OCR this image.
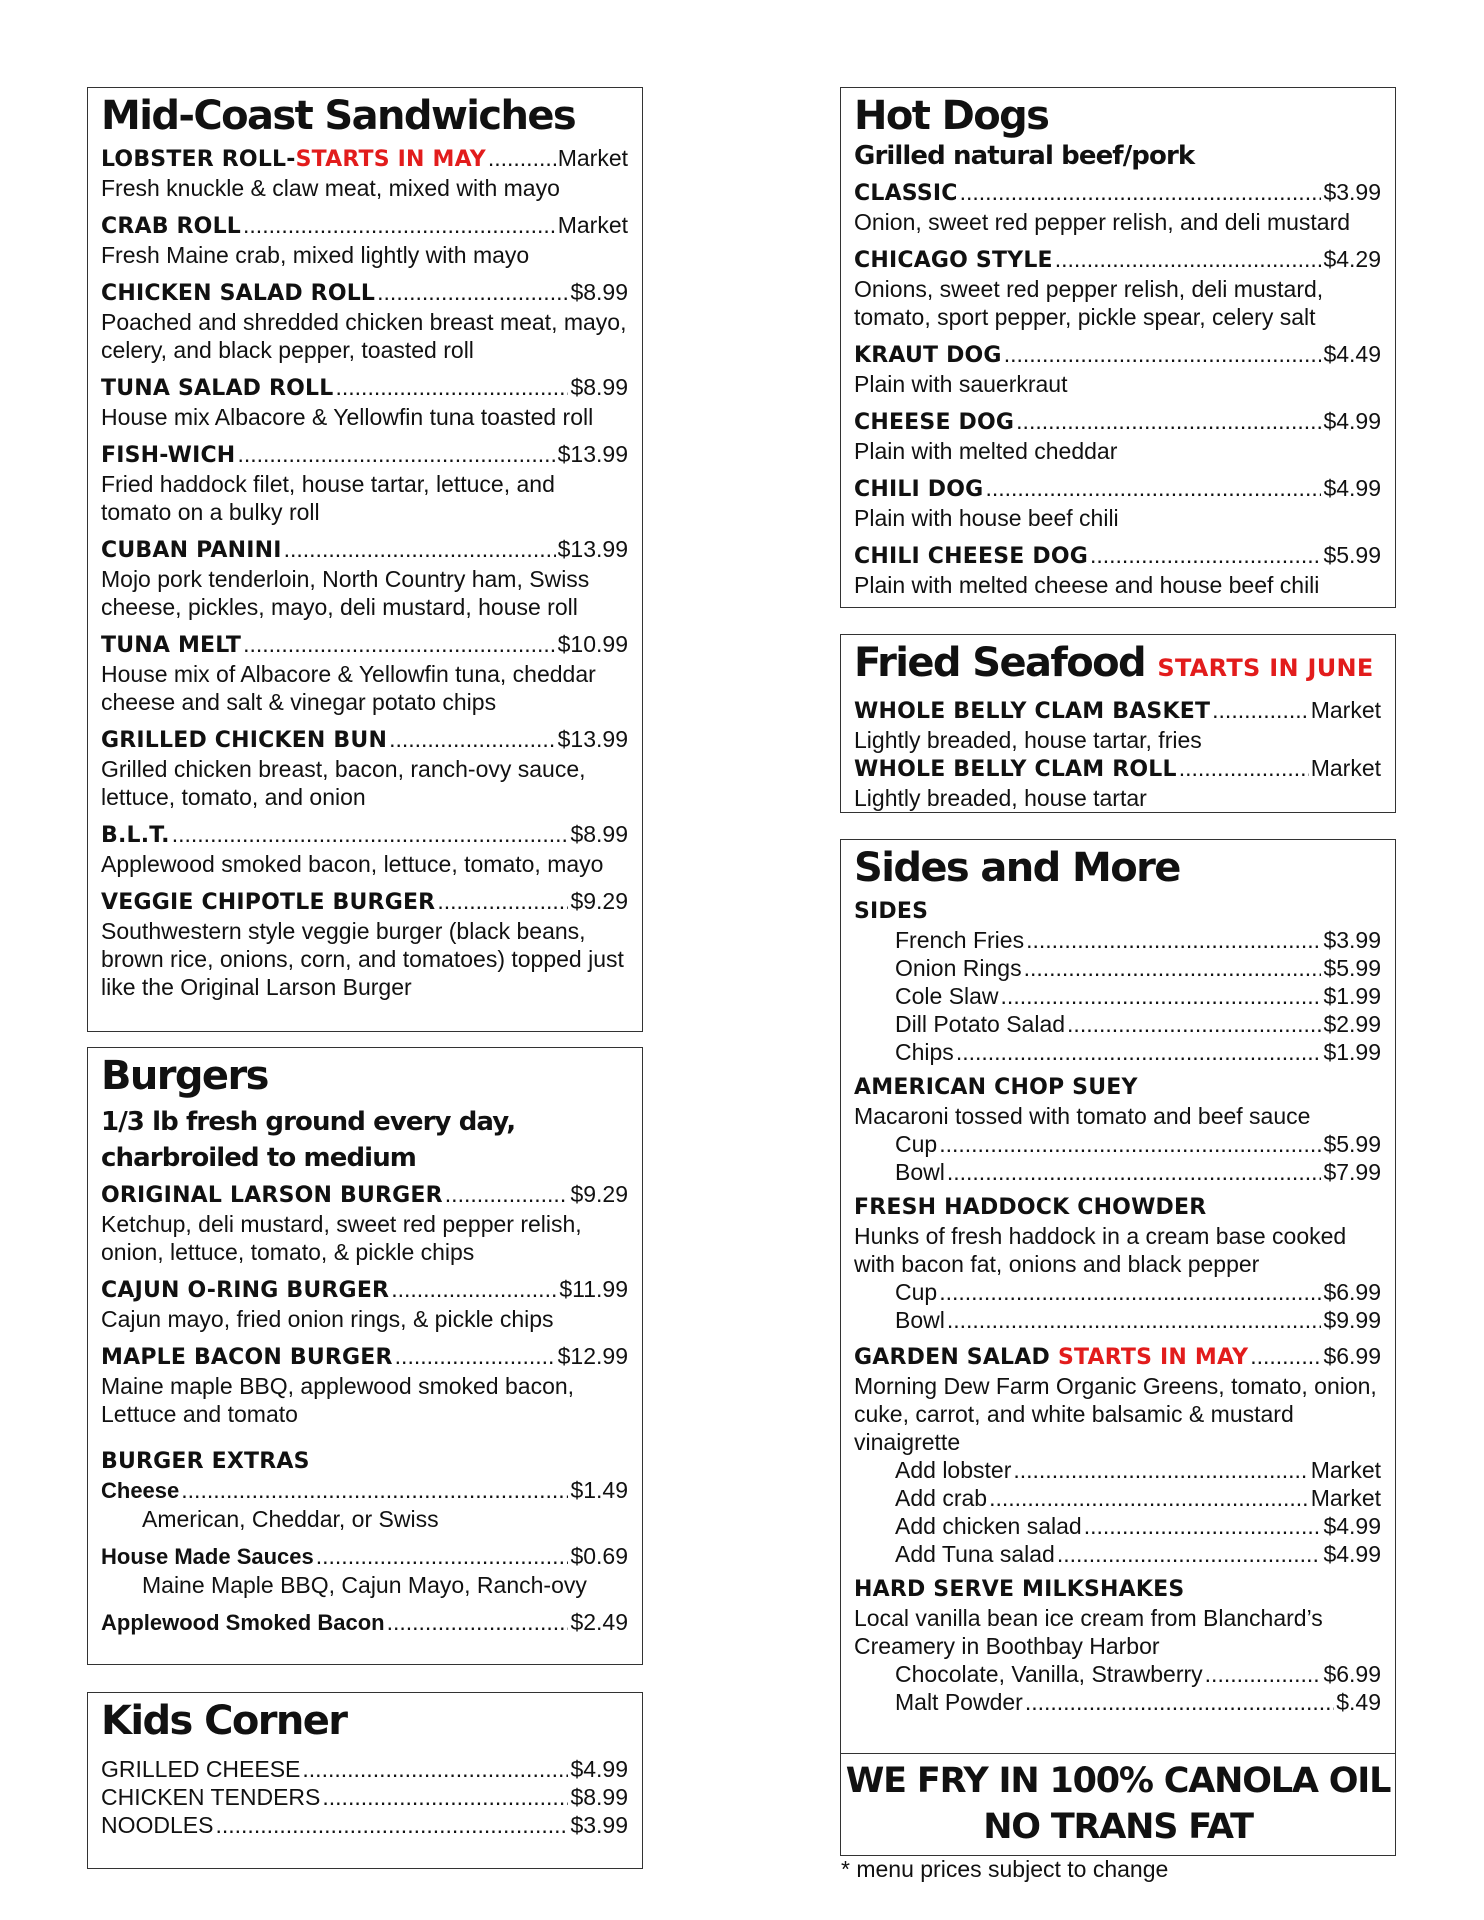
Mid-Coast Sandwiches
LOBSTER ROLL- STARTS IN MAY .....	Market
Fresh knuckle & claw meat, mixed with mayo
CRAB ROLL .....	Market
Fresh Maine crab, mixed lightly with mayo
CHICKEN SALAD ROLL .....	$8.99
Poached and shredded chicken breast meat, mayo, celery, and black pepper, toasted roll
TUNA SALAD ROLL .....	$8.99
House mix Albacore & Yellowfin tuna toasted roll
FISH-WICH .....	$13.99
Fried haddock filet, house tartar, lettuce, and tomato on a bulky roll
CUBAN PANINI .....	$13.99
Mojo pork tenderloin, North Country ham, Swiss cheese, pickles, mayo, deli mustard, house roll
TUNA MELT .....	$10.99
House mix of Albacore & Yellowfin tuna, cheddar cheese and salt & vinegar potato chips
GRILLED CHICKEN BUN .....	$13.99
Grilled chicken breast, bacon, ranch-ovy sauce, lettuce, tomato, and onion
B.L.T. .....	$8.99
Applewood smoked bacon, lettuce, tomato, mayo
VEGGIE CHIPOTLE BURGER .....	$9.29
Southwestern style veggie burger (black beans, brown rice, onions, corn, and tomatoes) topped just like the Original Larson Burger
Burgers
1/3 lb fresh ground every day, charbroiled to medium
ORIGINAL LARSON BURGER .....	$9.29
Ketchup, deli mustard, sweet red pepper relish, onion, lettuce, tomato, & pickle chips
CAJUN O-RING BURGER .....	$11.99
Cajun mayo, fried onion rings, & pickle chips
MAPLE BACON BURGER .....	$12.99
Maine maple BBQ, applewood smoked bacon, Lettuce and tomato
BURGER EXTRAS
Cheese .....	$1.49
American, Cheddar, or Swiss
House Made Sauces .....	$0.69
Maine Maple BBQ, Cajun Mayo, Ranch-ovy
Applewood Smoked Bacon .....	$2.49
Kids Corner
GRILLED CHEESE .....	$4.99
CHICKEN TENDERS .....	$8.99
NOODLES .....	$3.99
Hot Dogs
Grilled natural beef/pork
CLASSIC .....	$3.99
Onion, sweet red pepper relish, and deli mustard
CHICAGO STYLE .....	$4.29
Onions, sweet red pepper relish, deli mustard, tomato, sport pepper, pickle spear, celery salt
KRAUT DOG .....	$4.49
Plain with sauerkraut
CHEESE DOG .....	$4.99
Plain with melted cheddar
CHILI DOG .....	$4.99
Plain with house beef chili
CHILI CHEESE DOG .....	$5.99
Plain with melted cheese and house beef chili
Fried Seafood STARTS IN JUNE
WHOLE BELLY CLAM BASKET .....	Market
Lightly breaded, house tartar, fries
WHOLE BELLY CLAM ROLL .....	Market
Lightly breaded, house tartar
Sides and More
SIDES
French Fries .....	$3.99
Onion Rings .....	$5.99
Cole Slaw .....	$1.99
Dill Potato Salad .....	$2.99
Chips .....	$1.99
AMERICAN CHOP SUEY
Macaroni tossed with tomato and beef sauce
Cup .....	$5.99
Bowl .....	$7.99
FRESH HADDOCK CHOWDER
Hunks of fresh haddock in a cream base cooked with bacon fat, onions and black pepper
Cup .....	$6.99
Bowl .....	$9.99
GARDEN SALAD STARTS IN MAY .....	$6.99
Morning Dew Farm Organic Greens, tomato, onion, cuke, carrot, and white balsamic & mustard vinaigrette
Add lobster .....	Market
Add crab .....	Market
Add chicken salad .....	$4.99
Add Tuna salad .....	$4.99
HARD SERVE MILKSHAKES
Local vanilla bean ice cream from Blanchard’s Creamery in Boothbay Harbor
Chocolate, Vanilla, Strawberry .....	$6.99
Malt Powder .....	$.49
WE FRY IN 100% CANOLA OIL
NO TRANS FAT
* menu prices subject to change
